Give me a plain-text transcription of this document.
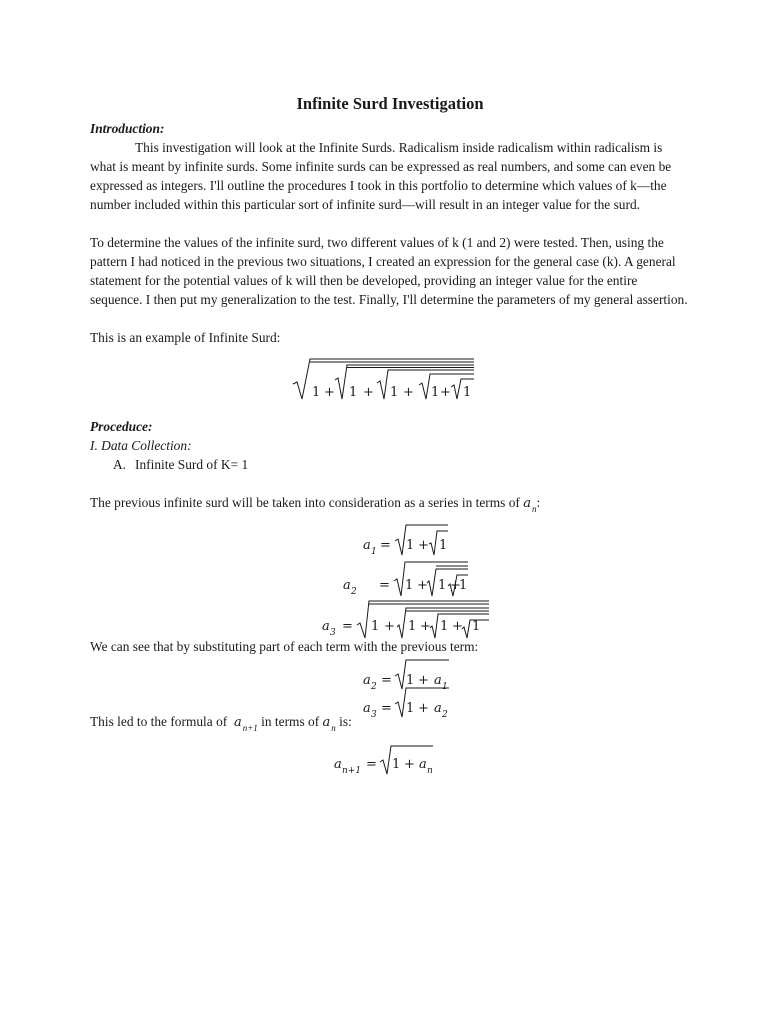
Infinite Surd Investigation

Introduction:

This investigation will look at the Infinite Surds. Radicalism inside radicalism within radicalism is what is meant by infinite surds. Some infinite surds can be expressed as real numbers, and some can even be expressed as integers. I'll outline the procedures I took in this portfolio to determine which values of k—the number included within this particular sort of infinite surd—will result in an integer value for the surd.

To determine the values of the infinite surd, two different values of k (1 and 2) were tested. Then, using the pattern I had noticed in the previous two situations, I created an expression for the general case (k). A general statement for the potential values of k will then be developed, providing an integer value for the entire sequence. I then put my generalization to the test. Finally, I'll determine the parameters of my general assertion.

This is an example of Infinite Surd:

1 + 1 + 1 + 1 + 1

Proceduce:

I. Data Collection:

A. Infinite Surd of K= 1

The previous infinite surd will be taken into consideration as a series in terms of $a_n$:

a 1 = 1 + 1
a 2 = 1 + 1 +
1
a 3 = 1 + 1 + 1 + 1

We can see that by substituting part of each term with the previous term:

a 2 = 1 + a 1
a 3 = 1 + a 2

This led to the formula of $a_{n+1}$ in terms of $a_n$ is:

a n+1 = 1 + a n
